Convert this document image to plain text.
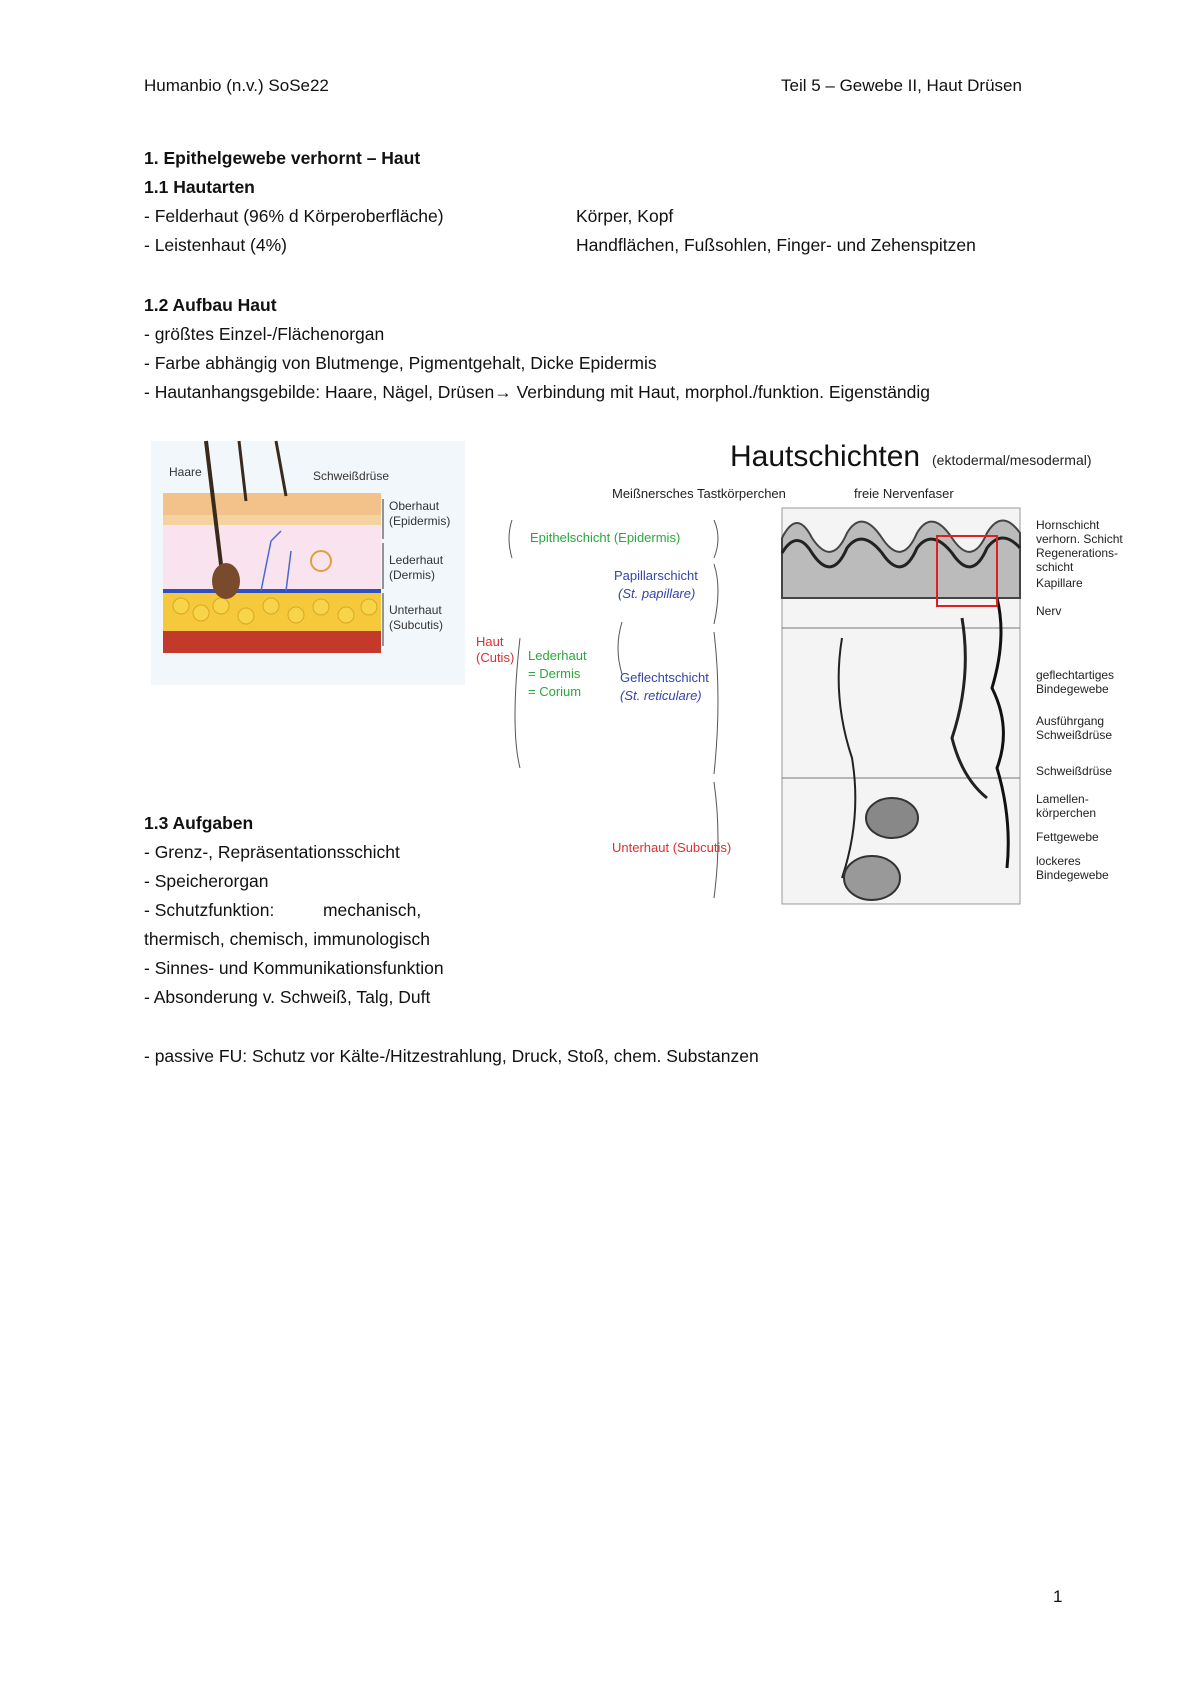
Humanbio (n.v.) SoSe22	Teil 5 – Gewebe II, Haut Drüsen
1. Epithelgewebe verhornt – Haut
1.1 Hautarten
- Felderhaut (96% d Körperoberfläche)	Körper, Kopf
- Leistenhaut (4%)	Handflächen, Fußsohlen, Finger- und Zehenspitzen
1.2 Aufbau Haut
- größtes Einzel-/Flächenorgan
- Farbe abhängig von Blutmenge, Pigmentgehalt, Dicke Epidermis
- Hautanhangsgebilde: Haare, Nägel, Drüsen→ Verbindung mit Haut, morphol./funktion. Eigenständig
Haare	Schweißdrüse
Oberhaut
(Epidermis)
Lederhaut
(Dermis)
Unterhaut
(Subcutis)
Hautschichten (ektodermal/mesodermal)
Meißnersches Tastkörperchen	freie Nervenfaser
Epithelschicht (Epidermis)
Papillarschicht
(St. papillare)
Haut
(Cutis) Lederhaut
= Dermis
= Corium
Geflechtschicht
(St. reticulare)
Unterhaut (Subcutis)
Hornschicht
verhorn. Schicht
Regenerations-
schicht
Kapillare
Nerv
geflechtartiges
Bindegewebe
Ausführgang
Schweißdrüse
Schweißdrüse
Lamellen-
körperchen
Fettgewebe
lockeres
Bindegewebe
1.3 Aufgaben
- Grenz-, Repräsentationsschicht
- Speicherorgan
- Schutzfunktion:          mechanisch,
thermisch, chemisch, immunologisch
- Sinnes- und Kommunikationsfunktion
- Absonderung v. Schweiß, Talg, Duft
- passive FU: Schutz vor Kälte-/Hitzestrahlung, Druck, Stoß, chem. Substanzen
1
